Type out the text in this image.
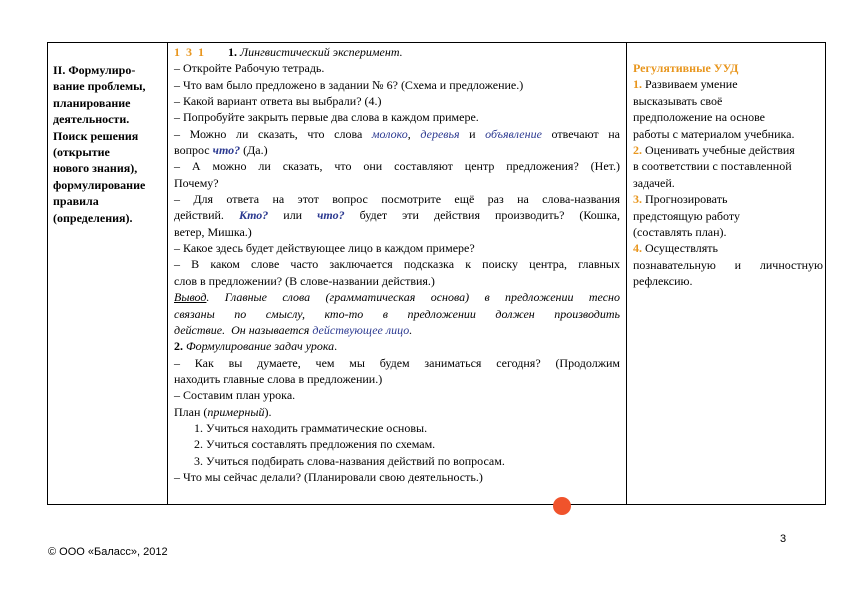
II. Формулиро-
вание проблемы,
планирование
деятельности.
Поиск решения
(открытие
нового знания),
формулирование
правила
(определения).
1  3  1 1. Лингвистический эксперимент.
– Откройте Рабочую тетрадь.
– Что вам было предложено в задании № 6? (Схема и предложение.)
– Какой вариант ответа вы выбрали? (4.)
– Попробуйте закрыть первые два слова в каждом примере.
– Можно ли сказать, что слова молоко, деревья и объявление отвечают на
вопрос что? (Да.)
– А можно ли сказать, что они составляют центр предложения? (Нет.)
Почему?
– Для ответа на этот вопрос посмотрите ещё раз на слова-названия
действий. Кто? или что? будет эти действия производить? (Кошка,
ветер, Мишка.)
– Какое здесь будет действующее лицо в каждом примере?
– В каком слове часто заключается подсказка к поиску центра, главных
слов в предложении? (В слове-названии действия.)
Вывод. Главные слова (грамматическая основа) в предложении тесно
связаны по смыслу, кто-то в предложении должен производить
действие.  Он называется действующее лицо.
2. Формулирование задач урока.
– Как вы думаете, чем мы будем заниматься сегодня? (Продолжим
находить главные слова в предложении.)
– Составим план урока.
План (примерный).
1. Учиться находить грамматические основы.
2. Учиться составлять предложения по схемам.
3. Учиться подбирать слова-названия действий по вопросам.
– Что мы сейчас делали? (Планировали свою деятельность.)
Регулятивные УУД
1. Развиваем умение
высказывать своё
предположение на основе
работы с материалом учебника.
2. Оценивать учебные действия
в соответствии с поставленной
задачей.
3. Прогнозировать
предстоящую работу
(составлять план).
4. Осуществлять
познавательную и личностную
рефлексию.
3
© ООО «Баласс», 2012
